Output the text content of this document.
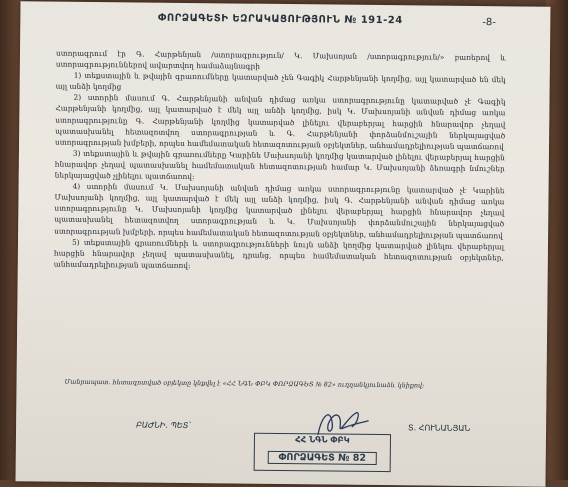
ՓՈՐՁԱԳԵՏԻ ԵԶՐԱԿԱՑՈՒԹՅՈՒՆ № 191-24	-8-

ստորագրում էր Գ. Հարթենյան /ստորագրություն/ Կ. Մախսոյան /ստորագրություն/» բառերով և ստորագրություններով ավարտվող համաձայնագրի

1) տեքստային և թվային գրառումները կատարված չեն Գագիկ Հարթենյանի կողմից, այլ կատարված են մեկ այլ անձի կողմից

2) ստորին մասում Գ. Հարթենյանի անվան դիմաց առկա ստորագրությունը կատարված չէ Գագիկ Հարթենյանի կողմից, այլ կատարված է մեկ այլ անձի կողմից, իսկ Կ. Մախսոյանի անվան դիմաց առկա ստորագրությունը Գ. Հարթենյանի կողմից կատարված լինելու վերաբերյալ հարցին հնարավոր չեղավ պատասխանել հետազոտվող ստորագրության և Գ. Հարթենյանի փորձանմուշային ներկայացված ստորագրության խմբերի, որպես համեմատական հետազոտության օբյեկտներ, անհամադրելիության պատճառով

3) տեքստային և թվային գրառումները Կարինե Մախսոյանի կողմից կատարված լինելու վերաբերյալ հարցին հնարավոր չեղավ պատասխանել համեմատական հետազոտության համար Կ. Մախսոյանի ձեռագրի նմուշներ ներկայացված չլինելու պատճառով։

4) ստորին մասում Կ. Մախսոյանի անվան դիմաց առկա ստորագրությունը կատարված չէ Կարինե Մախսոյանի կողմից, այլ կատարված է մեկ այլ անձի կողմից, իսկ Գ. Հարթենյանի անվան դիմաց առկա ստորագրությունը Կ. Մախսոյանի կողմից կատարված լինելու վերաբերյալ հարցին հնարավոր չեղավ պատասխանել հետազոտվող ստորագրության և Կ. Մախսոյանի փորձանմուշային ներկայացված ստորագրության խմբերի, որպես համեմատական հետազոտության օբյեկտներ, անհամադրելիության պատճառով

5) տեքստային գրառումների և ստորագրությունների նույն անձի կողմից կատարված լինելու վերաբերյալ հարցին հնարավոր չեղավ պատասխանել, դրանց, որպես համեմատական հետազոտության օբյեկտներ, անհամադրելիության պատճառով։

Մանրապատ. հետազոտված օբյեկտը կնքվել է «ՀՀ ՆԳՆ ՓԲԿ ՓՈՐՁԱԳԵՏ № 82» ուղղանկյունաձև կնիքով։
ԲԱԺՆԻ. ՊԵՏ՝	Տ. ՀՈՒՆԱՆՅԱՆ
ՀՀ ՆԳՆ ՓԲԿ
ՓՈՐՁԱԳԵՏ № 82
